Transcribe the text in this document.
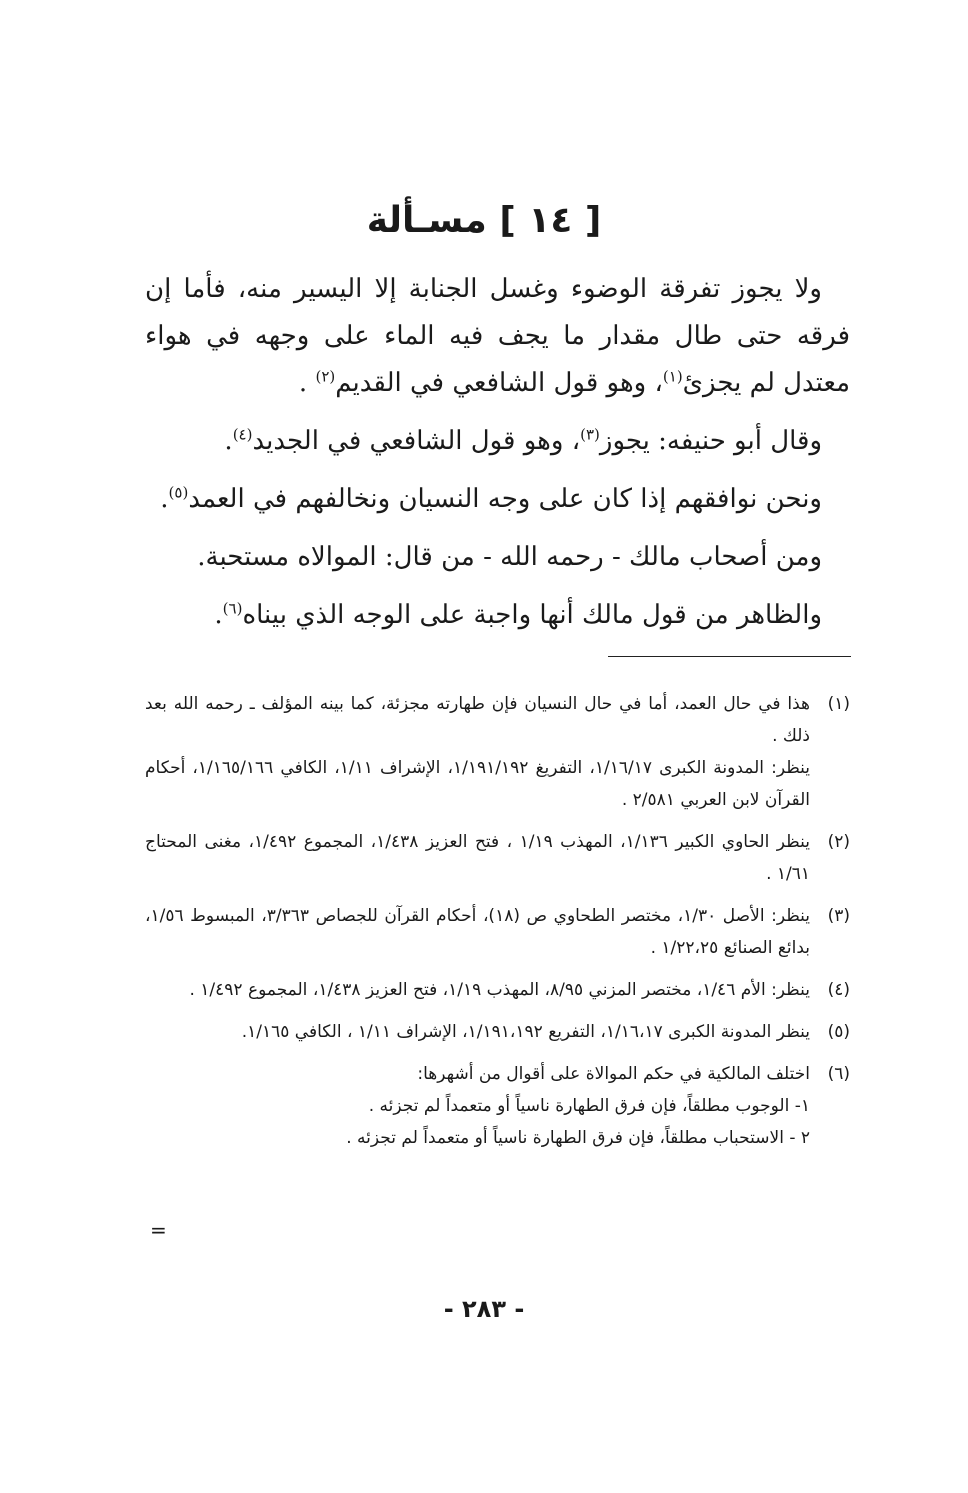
[ ١٤ ] مسـألة

ولا يجوز تفرقة الوضوء وغسل الجنابة إلا اليسير منه، فأما إن فرقه حتى طال مقدار ما يجف فيه الماء على وجهه في هواء معتدل لم يجزئ$^{(١)}$، وهو قول الشافعي في القديم$^{(٢)}$ .

وقال أبو حنيفه: يجوز$^{(٣)}$، وهو قول الشافعي في الجديد$^{(٤)}$.

ونحن نوافقهم إذا كان على وجه النسيان ونخالفهم في العمد$^{(٥)}$.

ومن أصحاب مالك - رحمه الله - من قال: الموالاه مستحبة.

والظاهر من قول مالك أنها واجبة على الوجه الذي بيناه$^{(٦)}$.

(١)

هذا في حال العمد، أما في حال النسيان فإن طهارته مجزئة، كما بينه المؤلف ـ رحمه الله بعد ذلك .

ينظر: المدونة الكبرى ١/١٦/١٧، التفريغ ١/١٩١/١٩٢، الإشراف ١/١١، الكافي ١/١٦٥/١٦٦، أحكام القرآن لابن العربي ٢/٥٨١ .

(٢)

ينظر الحاوي الكبير ١/١٣٦، المهذب ١/١٩ ، فتح العزيز ١/٤٣٨، المجموع ١/٤٩٢، مغنى المحتاج ١/٦١ .

(٣)

ينظر: الأصل ١/٣٠، مختصر الطحاوي ص (١٨)، أحكام القرآن للجصاص ٣/٣٦٣، المبسوط ١/٥٦، بدائع الصنائع ١/٢٢،٢٥ .

(٤)

ينظر: الأم ١/٤٦، مختصر المزني ٨/٩٥، المهذب ١/١٩، فتح العزيز ١/٤٣٨، المجموع ١/٤٩٢ .

(٥)

ينظر المدونة الكبرى ١/١٦،١٧، التفريع ١/١٩١،١٩٢، الإشراف ١/١١ ، الكافي ١/١٦٥.

(٦)

اختلف المالكية في حكم الموالاة على أقوال من أشهرها:

١- الوجوب مطلقاً، فإن فرق الطهارة ناسياً أو متعمداً لم تجزئه .

٢ - الاستحباب مطلقاً، فإن فرق الطهارة ناسياً أو متعمداً لم تجزئه .

=
- ٢٨٣ -
